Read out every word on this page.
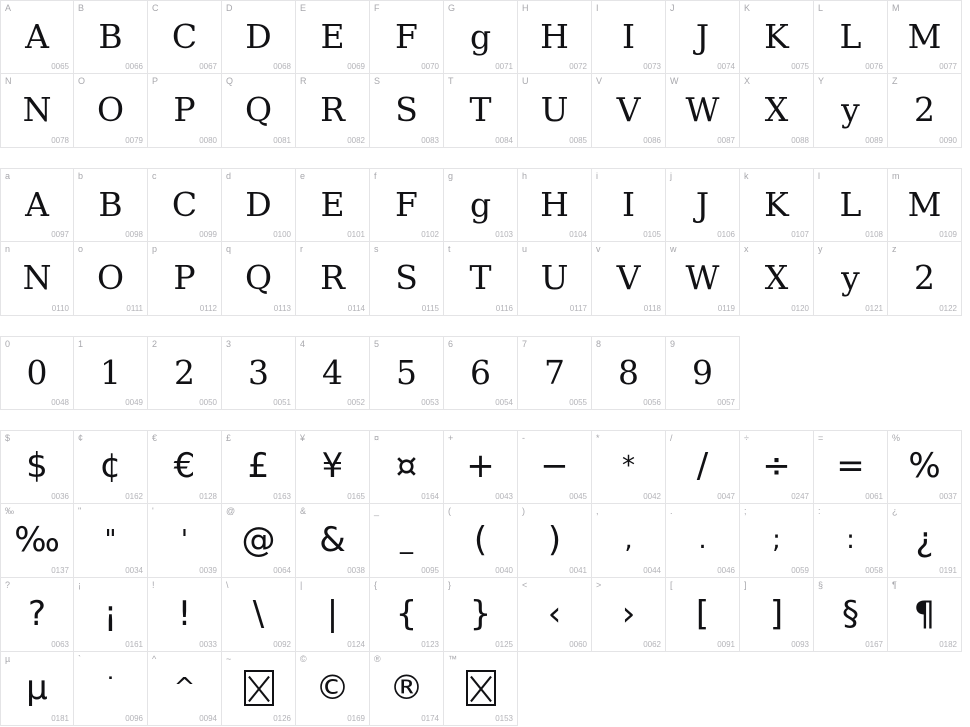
A
A
0065
B
B
0066
C
C
0067
D
D
0068
E
E
0069
F
F
0070
G
g
0071
H
H
0072
I
I
0073
J
J
0074
K
K
0075
L
L
0076
M
M
0077
N
N
0078
O
O
0079
P
P
0080
Q
Q
0081
R
R
0082
S
S
0083
T
T
0084
U
U
0085
V
V
0086
W
W
0087
X
X
0088
Y
y
0089
Z
2
0090
a
A
0097
b
B
0098
c
C
0099
d
D
0100
e
E
0101
f
F
0102
g
g
0103
h
H
0104
i
I
0105
j
J
0106
k
K
0107
l
L
0108
m
M
0109
n
N
0110
o
O
0111
p
P
0112
q
Q
0113
r
R
0114
s
S
0115
t
T
0116
u
U
0117
v
V
0118
w
W
0119
x
X
0120
y
y
0121
z
2
0122
0
0
0048
1
1
0049
2
2
0050
3
3
0051
4
4
0052
5
5
0053
6
6
0054
7
7
0055
8
8
0056
9
9
0057
$
$
0036
¢
¢
0162
€
€
0128
£
£
0163
¥
¥
0165
¤
¤
0164
+
+
0043
-
−
0045
*
*
0042
/
/
0047
÷
÷
0247
=
=
0061
%
%
0037
‰
‰
0137
"
"
0034
'
'
0039
@
@
0064
&
&
0038
_
_
0095
(
(
0040
)
)
0041
,
,
0044
.
.
0046
;
;
0059
:
:
0058
¿
¿
0191
?
?
0063
¡
¡
0161
!
!
0033
\
\
0092
|
|
0124
{
{
0123
}
}
0125
<
‹
0060
>
›
0062
[
[
0091
]
]
0093
§
§
0167
¶
¶
0182
µ
µ
0181
`
˙
0096
^
^
0094
~
0126
©
©
0169
®
®
0174
™
0153
